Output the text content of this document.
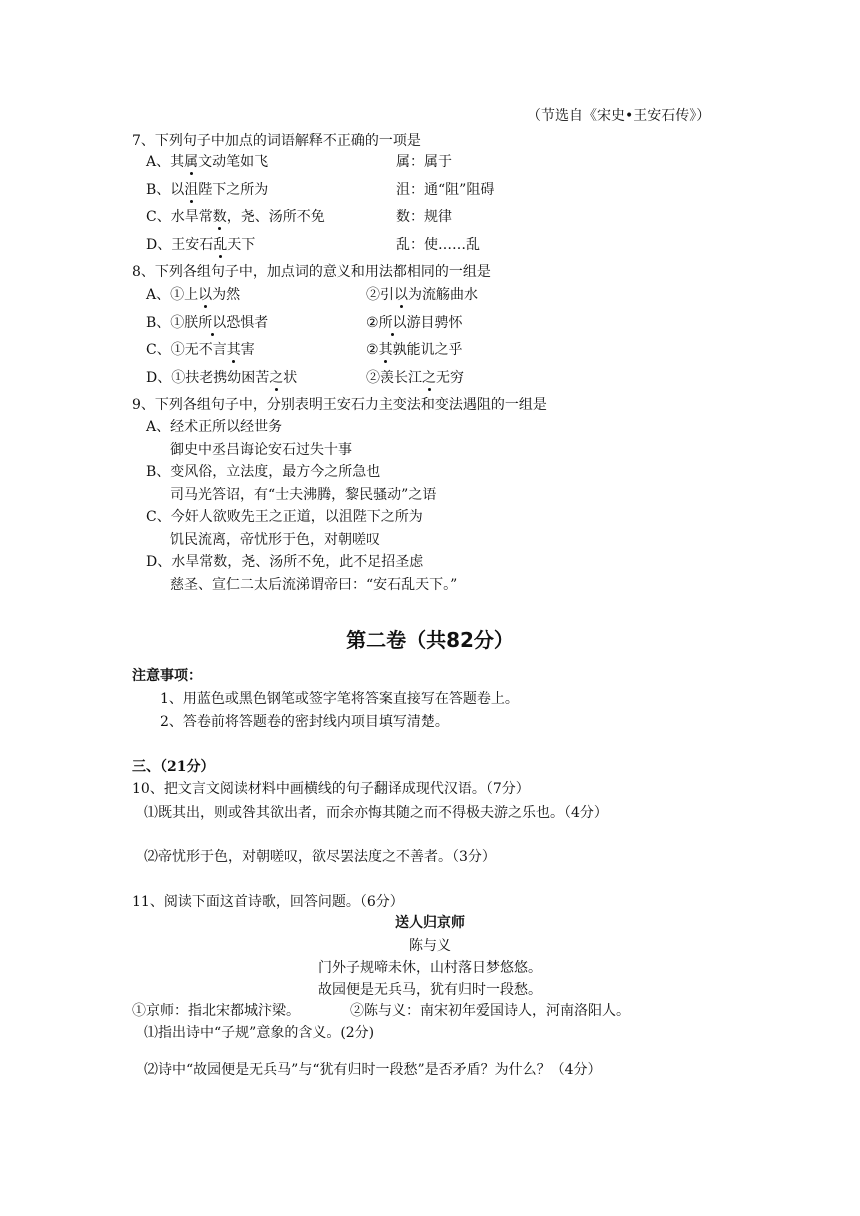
（节选自《宋史•王安石传》）
7、下列句子中加点的词语解释不正确的一项是
A、其属文动笔如飞	属：属于
B、以沮陛下之所为	沮：通“阻”阻碍
C、水旱常数，尧、汤所不免	数：规律
D、王安石乱天下	乱：使……乱
8、下列各组句子中，加点词的意义和用法都相同的一组是
A、①上以为然	②引以为流觞曲水
B、①朕所以恐惧者	②所以游目骋怀
C、①无不言其害	②其孰能讥之乎
D、①扶老携幼困苦之状	②羡长江之无穷
9、下列各组句子中，分别表明王安石力主变法和变法遇阻的一组是
A、经术正所以经世务
御史中丞吕诲论安石过失十事
B、变风俗，立法度，最方今之所急也
司马光答诏，有“士夫沸腾，黎民骚动”之语
C、今奸人欲败先王之正道，以沮陛下之所为
饥民流离，帝忧形于色，对朝嗟叹
D、水旱常数，尧、汤所不免，此不足招圣虑
慈圣、宣仁二太后流涕谓帝曰：“安石乱天下。”
第二卷（共82分）
注意事项：
1、用蓝色或黑色钢笔或签字笔将答案直接写在答题卷上。
2、答卷前将答题卷的密封线内项目填写清楚。
三、（21分）
10、把文言文阅读材料中画横线的句子翻译成现代汉语。（7分）
⑴既其出，则或咎其欲出者，而余亦悔其随之而不得极夫游之乐也。（4分）
⑵帝忧形于色，对朝嗟叹，欲尽罢法度之不善者。（3分）
11、阅读下面这首诗歌，回答问题。（6分）
送人归京师
陈与义
门外子规啼未休，山村落日梦悠悠。
故园便是无兵马，犹有归时一段愁。
①京师：指北宋都城汴梁。	②陈与义：南宋初年爱国诗人，河南洛阳人。
⑴指出诗中“子规”意象的含义。(2分)
⑵诗中“故园便是无兵马”与“犹有归时一段愁”是否矛盾？为什么？（4分）
